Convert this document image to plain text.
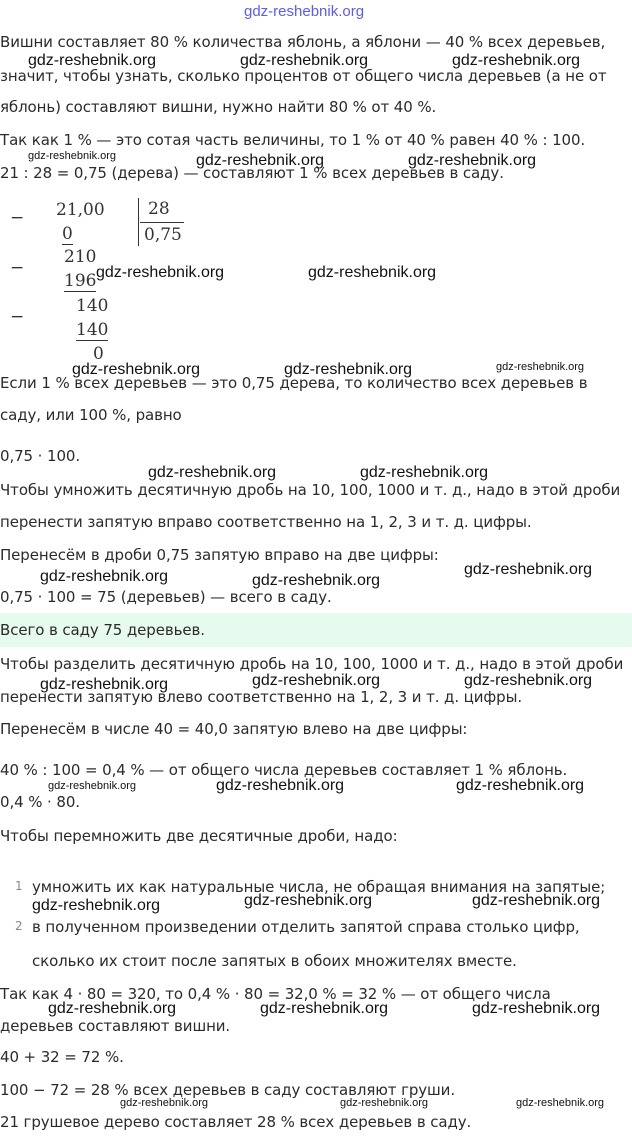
gdz-reshebnik.org
gdz-reshebnik.org	gdz-reshebnik.org	gdz-reshebnik.org
gdz-reshebnik.org	gdz-reshebnik.org	gdz-reshebnik.org
gdz-reshebnik.org	gdz-reshebnik.org
gdz-reshebnik.org	gdz-reshebnik.org	gdz-reshebnik.org
gdz-reshebnik.org	gdz-reshebnik.org
gdz-reshebnik.org	gdz-reshebnik.org
gdz-reshebnik.org
gdz-reshebnik.org	gdz-reshebnik.org	gdz-reshebnik.org
gdz-reshebnik.org	gdz-reshebnik.org	gdz-reshebnik.org
gdz-reshebnik.org	gdz-reshebnik.org	gdz-reshebnik.org
gdz-reshebnik.org	gdz-reshebnik.org	gdz-reshebnik.org
gdz-reshebnik.org	gdz-reshebnik.org	gdz-reshebnik.org
Вишни составляет 80 % количества яблонь, а яблони — 40 % всех деревьев,
значит, чтобы узнать, сколько процентов от общего числа деревьев (а не от
яблонь) составляют вишни, нужно найти 80 % от 40 %.
Так как 1 % — это сотая часть величины, то 1 % от 40 % равен 40 % : 100.
21 : 28 = 0,75 (дерева) — составляют 1 % всех деревьев в саду.
−
−
−
21,00
0
210
196
140
140
0
28
0,75
Если 1 % всех деревьев — это 0,75 дерева, то количество всех деревьев в
саду, или 100 %, равно
0,75 · 100.
Чтобы умножить десятичную дробь на 10, 100, 1000 и т. д., надо в этой дроби
перенести запятую вправо соответственно на 1, 2, 3 и т. д. цифры.
Перенесём в дроби 0,75 запятую вправо на две цифры:
0,75 · 100 = 75 (деревьев) — всего в саду.
Всего в саду 75 деревьев.
Чтобы разделить десятичную дробь на 10, 100, 1000 и т. д., надо в этой дроби
перенести запятую влево соответственно на 1, 2, 3 и т. д. цифры.
Перенесём в числе 40 = 40,0 запятую влево на две цифры:
40 % : 100 = 0,4 % — от общего числа деревьев составляет 1 % яблонь.
0,4 % · 80.
Чтобы перемножить две десятичные дроби, надо:
1 умножить их как натуральные числа, не обращая внимания на запятые;
2 в полученном произведении отделить запятой справа столько цифр,
сколько их стоит после запятых в обоих множителях вместе.
Так как 4 · 80 = 320, то 0,4 % · 80 = 32,0 % = 32 % — от общего числа
деревьев составляют вишни.
40 + 32 = 72 %.
100 − 72 = 28 % всех деревьев в саду составляют груши.
21 грушевое дерево составляет 28 % всех деревьев в саду.
